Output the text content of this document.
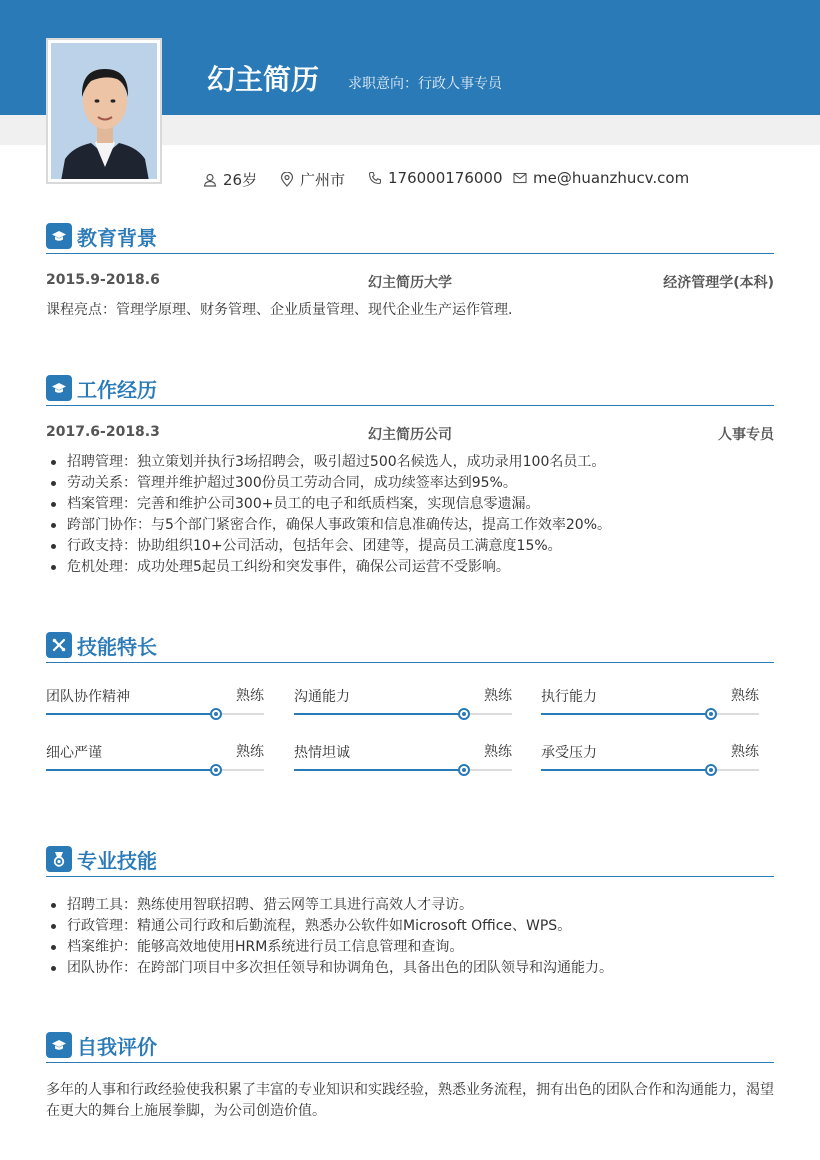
幻主简历 求职意向：行政人事专员
26岁	广州市	176000176000 me@huanzhucv.com
教育背景
2015.9-2018.6	幻主简历大学	经济管理学(本科)
课程亮点：管理学原理、财务管理、企业质量管理、现代企业生产运作管理.
工作经历
2017.6-2018.3	幻主简历公司	人事专员
招聘管理：独立策划并执行3场招聘会，吸引超过500名候选人，成功录用100名员工。
劳动关系：管理并维护超过300份员工劳动合同，成功续签率达到95%。
档案管理：完善和维护公司300+员工的电子和纸质档案，实现信息零遗漏。
跨部门协作：与5个部门紧密合作，确保人事政策和信息准确传达，提高工作效率20%。
行政支持：协助组织10+公司活动，包括年会、团建等，提高员工满意度15%。
危机处理：成功处理5起员工纠纷和突发事件，确保公司运营不受影响。
技能特长
团队协作精神	熟练 沟通能力	熟练 执行能力	熟练
细心严谨	熟练 热情坦诚	熟练 承受压力	熟练
专业技能
招聘工具：熟练使用智联招聘、猎云网等工具进行高效人才寻访。
行政管理：精通公司行政和后勤流程，熟悉办公软件如Microsoft Office、WPS。
档案维护：能够高效地使用HRM系统进行员工信息管理和查询。
团队协作：在跨部门项目中多次担任领导和协调角色，具备出色的团队领导和沟通能力。
自我评价
多年的人事和行政经验使我积累了丰富的专业知识和实践经验，熟悉业务流程，拥有出色的团队合作和沟通能力，渴望
在更大的舞台上施展拳脚，为公司创造价值。
